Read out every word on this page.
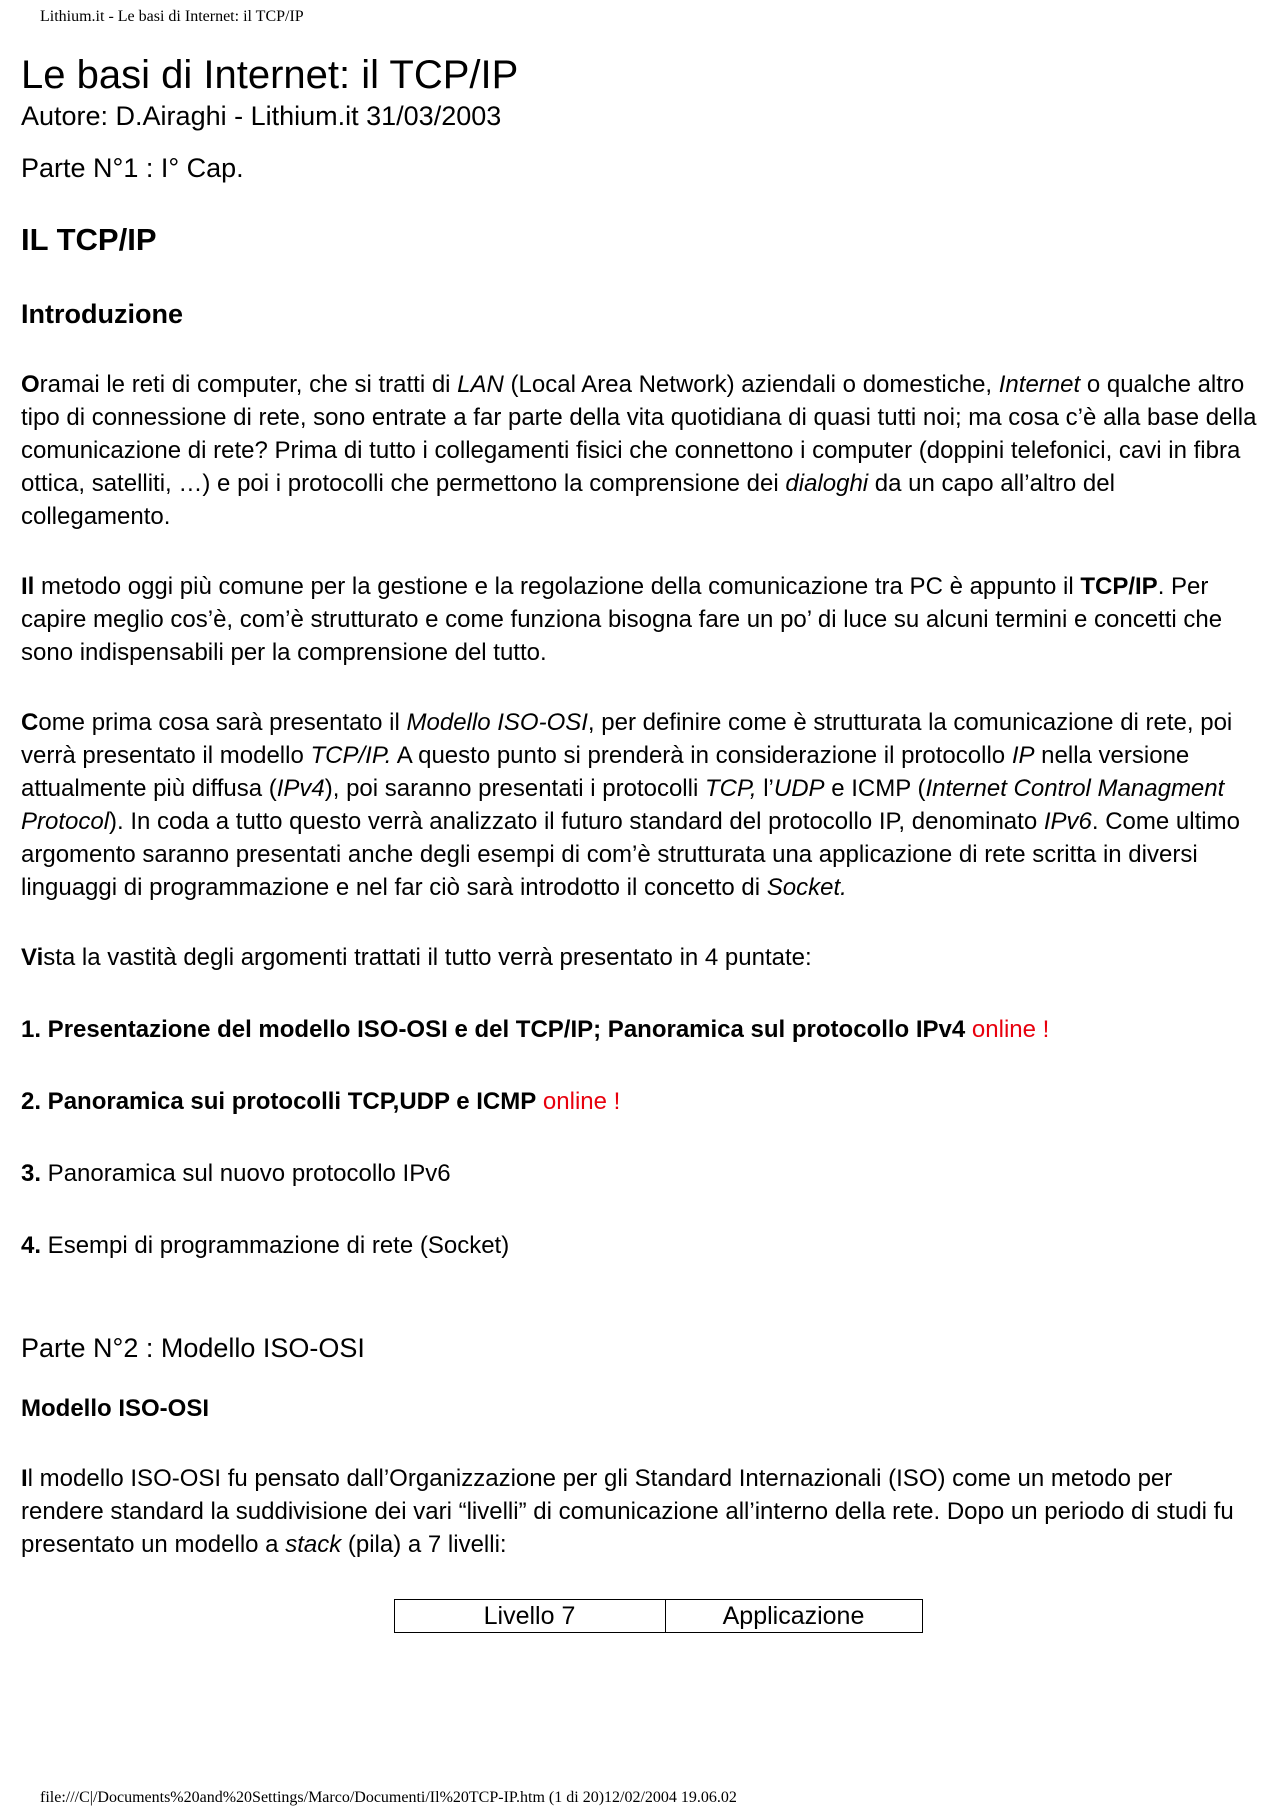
Lithium.it - Le basi di Internet: il TCP/IP
Le basi di Internet: il TCP/IP
Autore: D.Airaghi - Lithium.it 31/03/2003
Parte N°1 : I° Cap.
IL TCP/IP
Introduzione

Oramai le reti di computer, che si tratti di LAN (Local Area Network) aziendali o domestiche, Internet o qualche altro tipo di connessione di rete, sono entrate a far parte della vita quotidiana di quasi tutti noi; ma cosa c’è alla base della comunicazione di rete? Prima di tutto i collegamenti fisici che connettono i computer (doppini telefonici, cavi in fibra ottica, satelliti, …) e poi i protocolli che permettono la comprensione dei dialoghi da un capo all’altro del collegamento.

Il metodo oggi più comune per la gestione e la regolazione della comunicazione tra PC è appunto il TCP/IP. Per capire meglio cos’è, com’è strutturato e come funziona bisogna fare un po’ di luce su alcuni termini e concetti che sono indispensabili per la comprensione del tutto.

Come prima cosa sarà presentato il Modello ISO-OSI, per definire come è strutturata la comunicazione di rete, poi verrà presentato il modello TCP/IP. A questo punto si prenderà in considerazione il protocollo IP nella versione attualmente più diffusa (IPv4), poi saranno presentati i protocolli TCP, l’UDP e ICMP (Internet Control Managment Protocol). In coda a tutto questo verrà analizzato il futuro standard del protocollo IP, denominato IPv6. Come ultimo argomento saranno presentati anche degli esempi di com’è strutturata una applicazione di rete scritta in diversi linguaggi di programmazione e nel far ciò sarà introdotto il concetto di Socket.

Vista la vastità degli argomenti trattati il tutto verrà presentato in 4 puntate:

1. Presentazione del modello ISO-OSI e del TCP/IP; Panoramica sul protocollo IPv4 online !
2. Panoramica sui protocolli TCP,UDP e ICMP online !
3. Panoramica sul nuovo protocollo IPv6
4. Esempi di programmazione di rete (Socket)
Parte N°2 : Modello ISO-OSI
Modello ISO-OSI

Il modello ISO-OSI fu pensato dall’Organizzazione per gli Standard Internazionali (ISO) come un metodo per rendere standard la suddivisione dei vari “livelli” di comunicazione all’interno della rete. Dopo un periodo di studi fu presentato un modello a stack (pila) a 7 livelli:

Livello 7	Applicazione
file:///C|/Documents%20and%20Settings/Marco/Documenti/Il%20TCP-IP.htm (1 di 20)12/02/2004 19.06.02
